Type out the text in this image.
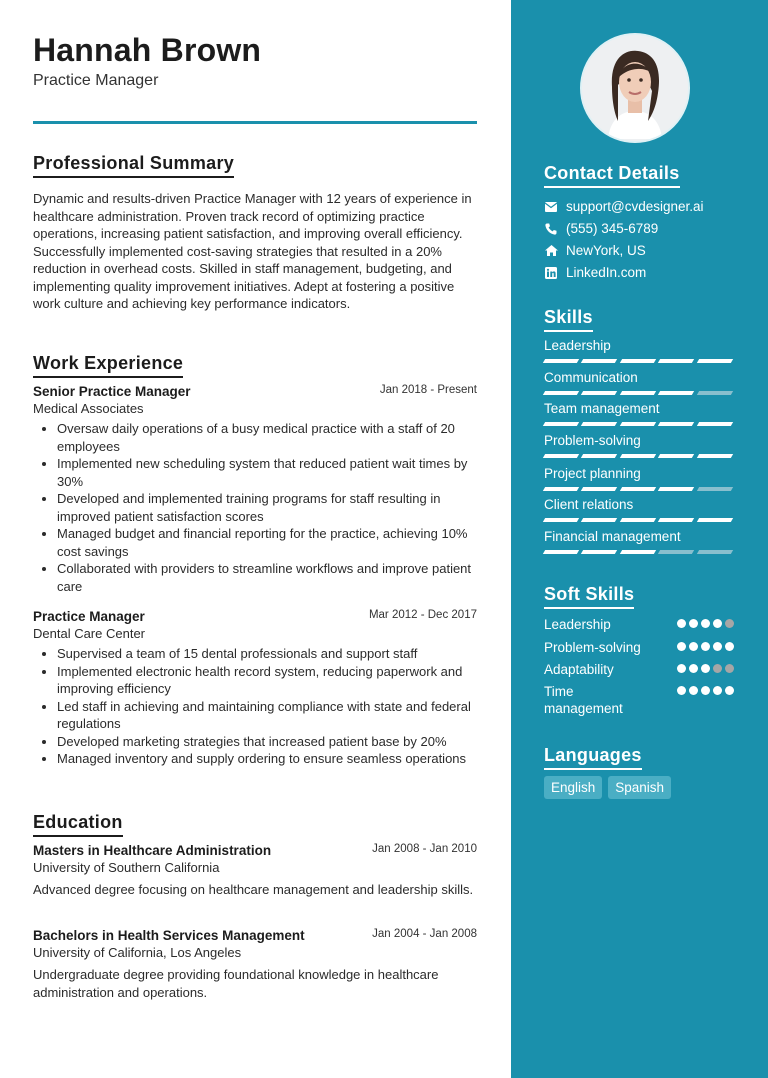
Hannah Brown
Practice Manager
Professional Summary
Dynamic and results-driven Practice Manager with 12 years of experience in healthcare administration. Proven track record of optimizing practice operations, increasing patient satisfaction, and improving overall efficiency. Successfully implemented cost-saving strategies that resulted in a 20% reduction in overhead costs. Skilled in staff management, budgeting, and implementing quality improvement initiatives. Adept at fostering a positive work culture and achieving key performance indicators.
Work Experience
Senior Practice Manager	Jan 2018 - Present
Medical Associates
• Oversaw daily operations of a busy medical practice with a staff of 20 employees
• Implemented new scheduling system that reduced patient wait times by 30%
• Developed and implemented training programs for staff resulting in improved patient satisfaction scores
• Managed budget and financial reporting for the practice, achieving 10% cost savings
• Collaborated with providers to streamline workflows and improve patient care
Practice Manager	Mar 2012 - Dec 2017
Dental Care Center
• Supervised a team of 15 dental professionals and support staff
• Implemented electronic health record system, reducing paperwork and improving efficiency
• Led staff in achieving and maintaining compliance with state and federal regulations
• Developed marketing strategies that increased patient base by 20%
• Managed inventory and supply ordering to ensure seamless operations
Education
Masters in Healthcare Administration	Jan 2008 - Jan 2010
University of Southern California
Advanced degree focusing on healthcare management and leadership skills.
Bachelors in Health Services Management	Jan 2004 - Jan 2008
University of California, Los Angeles
Undergraduate degree providing foundational knowledge in healthcare administration and operations.
Contact Details
support@cvdesigner.ai
(555) 345-6789
NewYork, US
LinkedIn.com
Skills
Leadership
Communication
Team management
Problem-solving
Project planning
Client relations
Financial management
Soft Skills
Leadership
Problem-solving
Adaptability
Time management
Languages
English	Spanish
